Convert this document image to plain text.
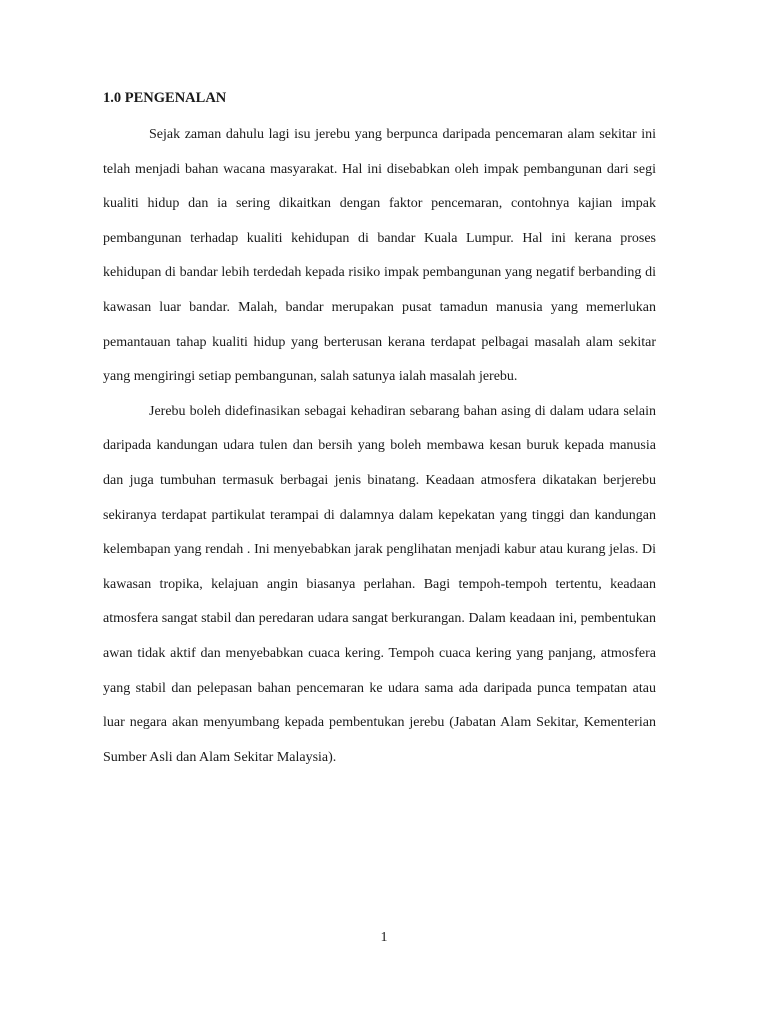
1.0 PENGENALAN

Sejak zaman dahulu lagi isu jerebu yang berpunca daripada pencemaran alam sekitar ini telah menjadi bahan wacana masyarakat. Hal ini disebabkan oleh impak pembangunan dari segi kualiti hidup dan ia sering dikaitkan dengan faktor pencemaran, contohnya kajian impak pembangunan terhadap kualiti kehidupan di bandar Kuala Lumpur. Hal ini kerana proses kehidupan di bandar lebih terdedah kepada risiko impak pembangunan yang negatif berbanding di kawasan luar bandar. Malah, bandar merupakan pusat tamadun manusia yang memerlukan pemantauan tahap kualiti hidup yang berterusan kerana terdapat pelbagai masalah alam sekitar yang mengiringi setiap pembangunan, salah satunya ialah masalah jerebu.

Jerebu boleh didefinasikan sebagai kehadiran sebarang bahan asing di dalam udara selain daripada kandungan udara tulen dan bersih yang boleh membawa kesan buruk kepada manusia dan juga tumbuhan termasuk berbagai jenis binatang. Keadaan atmosfera dikatakan berjerebu sekiranya terdapat partikulat terampai di dalamnya dalam kepekatan yang tinggi dan kandungan kelembapan yang rendah . Ini menyebabkan jarak penglihatan menjadi kabur atau kurang jelas. Di kawasan tropika, kelajuan angin biasanya perlahan. Bagi tempoh-tempoh tertentu, keadaan atmosfera sangat stabil dan peredaran udara sangat berkurangan. Dalam keadaan ini, pembentukan awan tidak aktif dan menyebabkan cuaca kering. Tempoh cuaca kering yang panjang, atmosfera yang stabil dan pelepasan bahan pencemaran ke udara sama ada daripada punca tempatan atau luar negara akan menyumbang kepada pembentukan jerebu (Jabatan Alam Sekitar, Kementerian Sumber Asli dan Alam Sekitar Malaysia).

1
